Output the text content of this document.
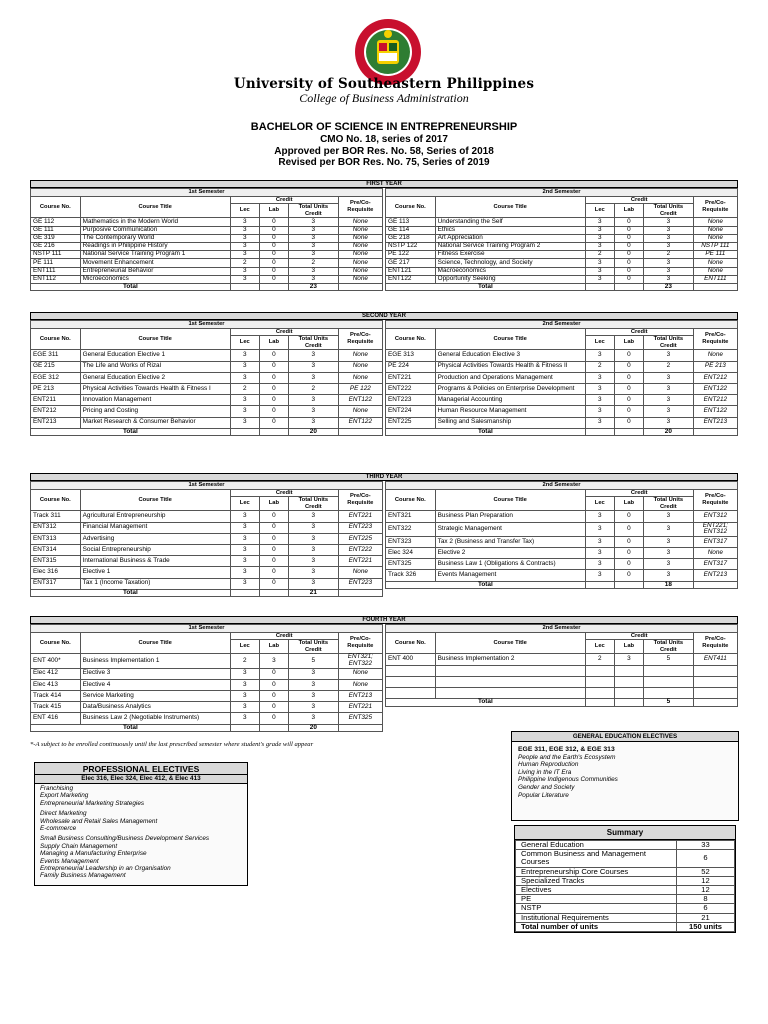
University of Southeastern Philippines
College of Business Administration
BACHELOR OF SCIENCE IN ENTREPRENEURSHIP
CMO No. 18, series of 2017
Approved per BOR Res. No. 58, Series of 2018
Revised per BOR Res. No. 75, Series of 2019
FIRST YEAR
1st Semester					
Course No.	Course Title	Credit			Pre/Co-Requisite
		Lec	Lab	Total Units Credit	
GE 112	Mathematics in the Modern World	3	0	3	None
GE 111	Purposive Communication	3	0	3	None
GE 319	The Contemporary World	3	0	3	None
GE 216	Readings in Philippine History	3	0	3	None
NSTP 111	National Service Training Program 1	3	0	3	None
PE 111	Movement Enhancement	2	0	2	None
ENT111	Entrepreneurial Behavior	3	0	3	None
ENT112	Microeconomics	3	0	3	None
Total				23	
2nd Semester					
Course No.	Course Title	Credit			Pre/Co-Requisite
		Lec	Lab	Total Units Credit	
GE 113	Understanding the Self	3	0	3	None
GE 114	Ethics	3	0	3	None
GE 218	Art Appreciation	3	0	3	None
NSTP 122	National Service Training Program 2	3	0	3	NSTP 111
PE 122	Fitness Exercise	2	0	2	PE 111
GE 217	Science, Technology, and Society	3	0	3	None
ENT121	Macroeconomics	3	0	3	None
ENT122	Opportunity Seeking	3	0	3	ENT111
Total				23	
SECOND YEAR
1st Semester					
Course No.	Course Title	Credit			Pre/Co-Requisite
		Lec	Lab	Total Units Credit	
EGE 311	General Education Elective 1	3	0	3	None
GE 215	The Life and Works of Rizal	3	0	3	None
EGE 312	General Education Elective 2	3	0	3	None
PE 213	Physical Activities Towards Health & Fitness I	2	0	2	PE 122
ENT211	Innovation Management	3	0	3	ENT122
ENT212	Pricing and Costing	3	0	3	None
ENT213	Market Research & Consumer Behavior	3	0	3	ENT122
Total				20	
2nd Semester					
Course No.	Course Title	Credit			Pre/Co-Requisite
		Lec	Lab	Total Units Credit	
EGE 313	General Education Elective 3	3	0	3	None
PE 224	Physical Activities Towards Health & Fitness II	2	0	2	PE 213
ENT221	Production and Operations Management	3	0	3	ENT212
ENT222	Programs & Policies on Enterprise Development	3	0	3	ENT122
ENT223	Managerial Accounting	3	0	3	ENT212
ENT224	Human Resource Management	3	0	3	ENT122
ENT225	Selling and Salesmanship	3	0	3	ENT213
Total				20	
THIRD YEAR
1st Semester					
Course No.	Course Title	Credit			Pre/Co-Requisite
		Lec	Lab	Total Units Credit	
Track 311	Agricultural Entrepreneurship	3	0	3	ENT221
ENT312	Financial Management	3	0	3	ENT223
ENT313	Advertising	3	0	3	ENT225
ENT314	Social Entrepreneurship	3	0	3	ENT222
ENT315	International Business & Trade	3	0	3	ENT221
Elec 316	Elective 1	3	0	3	None
ENT317	Tax 1 (Income Taxation)	3	0	3	ENT223
Total				21	
2nd Semester					
Course No.	Course Title	Credit			Pre/Co-Requisite
		Lec	Lab	Total Units Credit	
ENT321	Business Plan Preparation	3	0	3	ENT312
ENT322	Strategic Management	3	0	3	ENT221; ENT312
ENT323	Tax 2 (Business and Transfer Tax)	3	0	3	ENT317
Elec 324	Elective 2	3	0	3	None
ENT325	Business Law 1 (Obligations & Contracts)	3	0	3	ENT317
Track 326	Events Management	3	0	3	ENT213
Total				18	
FOURTH YEAR
1st Semester					
Course No.	Course Title	Credit			Pre/Co-Requisite
		Lec	Lab	Total Units Credit	
ENT 400*	Business Implementation 1	2	3	5	ENT321; ENT322
Elec 412	Elective 3	3	0	3	None
Elec 413	Elective 4	3	0	3	None
Track 414	Service Marketing	3	0	3	ENT213
Track 415	Data/Business Analytics	3	0	3	ENT221
ENT 416	Business Law 2 (Negotiable Instruments)	3	0	3	ENT325
Total				20	
2nd Semester					
Course No.	Course Title	Credit			Pre/Co-Requisite
		Lec	Lab	Total Units Credit	
ENT 400	Business Implementation 2	2	3	5	ENT411

Total				5	
*-A subject to be enrolled continuously until the last prescribed semester where student's grade will appear
PROFESSIONAL ELECTIVES
Elec 316, Elec 324, Elec 412, & Elec 413
Franchising
Export Marketing
Entrepreneurial Marketing Strategies
Direct Marketing
Wholesale and Retail Sales Management
E-commerce
Small Business Consulting/Business Development Services
Supply Chain Management
Managing a Manufacturing Enterprise
Events Management
Entrepreneurial Leadership in an Organisation
Family Business Management
GENERAL EDUCATION ELECTIVES
EGE 311, EGE 312, & EGE 313
People and the Earth's Ecosystem
Human Reproduction
Living in the IT Era
Philippine Indigenous Communities
Gender and Society
Popular Literature
Summary
General Education	33
Common Business and Management Courses	6
Entrepreneurship Core Courses	52
Specialized Tracks	12
Electives	12
PE	8
NSTP	6
Institutional Requirements	21
Total number of units	150 units
